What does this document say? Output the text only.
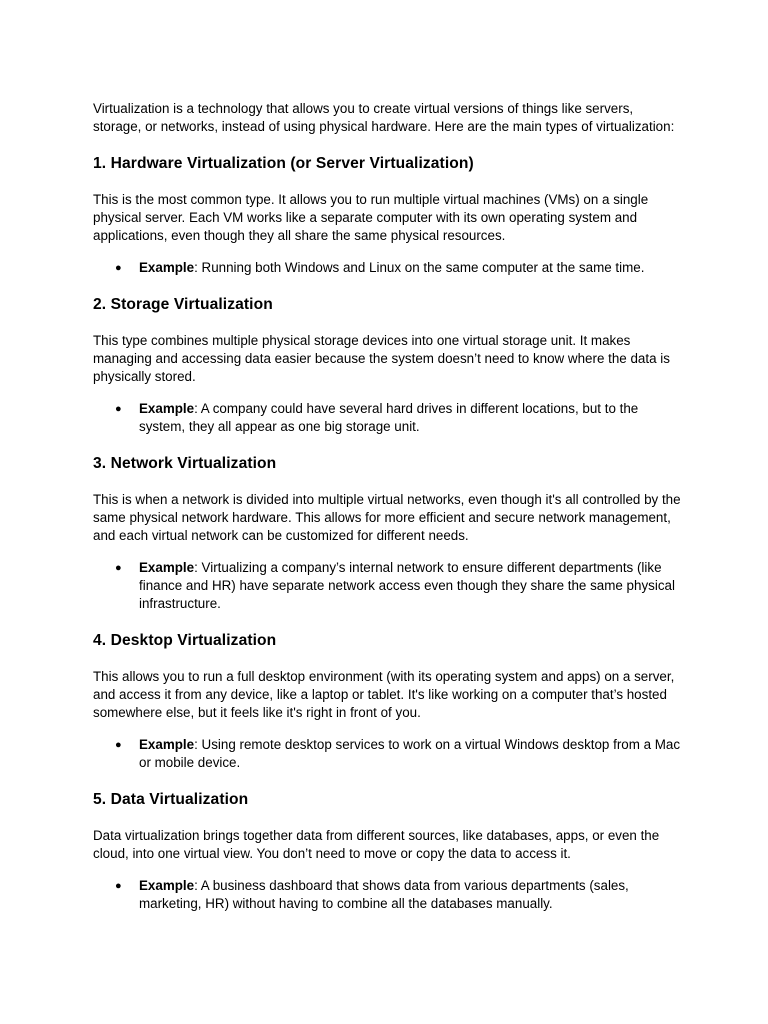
Virtualization is a technology that allows you to create virtual versions of things like servers, storage, or networks, instead of using physical hardware. Here are the main types of virtualization:

1. Hardware Virtualization (or Server Virtualization)

This is the most common type. It allows you to run multiple virtual machines (VMs) on a single physical server. Each VM works like a separate computer with its own operating system and applications, even though they all share the same physical resources.

● Example: Running both Windows and Linux on the same computer at the same time.
2. Storage Virtualization

This type combines multiple physical storage devices into one virtual storage unit. It makes managing and accessing data easier because the system doesn’t need to know where the data is physically stored.

● Example: A company could have several hard drives in different locations, but to the system, they all appear as one big storage unit.
3. Network Virtualization

This is when a network is divided into multiple virtual networks, even though it's all controlled by the same physical network hardware. This allows for more efficient and secure network management, and each virtual network can be customized for different needs.

● Example: Virtualizing a company’s internal network to ensure different departments (like finance and HR) have separate network access even though they share the same physical infrastructure.
4. Desktop Virtualization

This allows you to run a full desktop environment (with its operating system and apps) on a server, and access it from any device, like a laptop or tablet. It's like working on a computer that’s hosted somewhere else, but it feels like it's right in front of you.

● Example: Using remote desktop services to work on a virtual Windows desktop from a Mac or mobile device.
5. Data Virtualization

Data virtualization brings together data from different sources, like databases, apps, or even the cloud, into one virtual view. You don’t need to move or copy the data to access it.

● Example: A business dashboard that shows data from various departments (sales, marketing, HR) without having to combine all the databases manually.
